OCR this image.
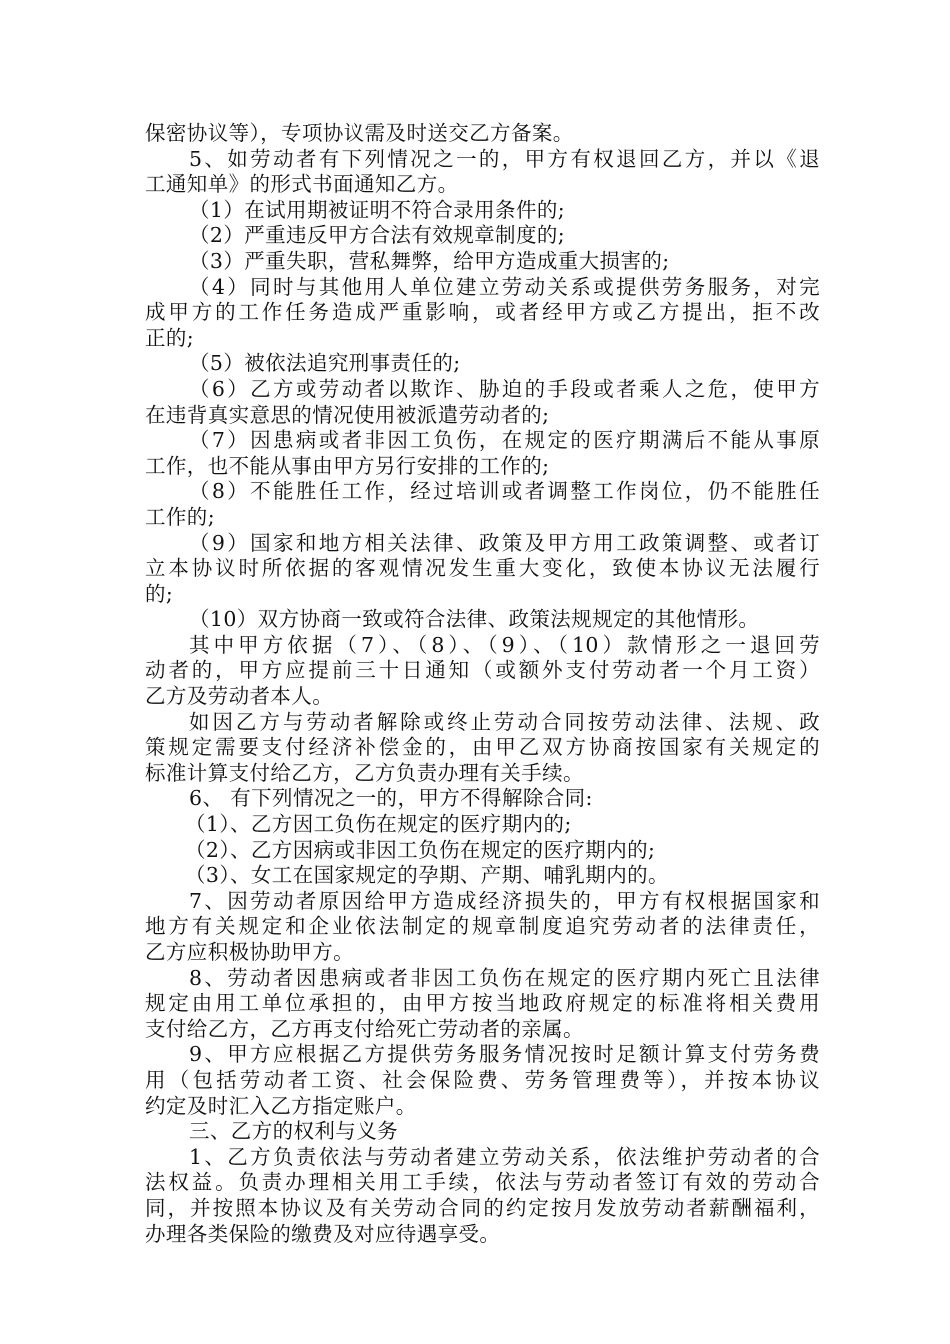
保密协议等），专项协议需及时送交乙方备案。
5、如劳动者有下列情况之一的，甲方有权退回乙方，并以《退
工通知单》的形式书面通知乙方。
（1）在试用期被证明不符合录用条件的;
（2）严重违反甲方合法有效规章制度的;
（3）严重失职，营私舞弊，给甲方造成重大损害的;
（4）同时与其他用人单位建立劳动关系或提供劳务服务，对完
成甲方的工作任务造成严重影响，或者经甲方或乙方提出，拒不改
正的;
（5）被依法追究刑事责任的;
（6）乙方或劳动者以欺诈、胁迫的手段或者乘人之危，使甲方
在违背真实意思的情况使用被派遣劳动者的;
（7）因患病或者非因工负伤，在规定的医疗期满后不能从事原
工作，也不能从事由甲方另行安排的工作的;
（8）不能胜任工作，经过培训或者调整工作岗位，仍不能胜任
工作的;
（9）国家和地方相关法律、政策及甲方用工政策调整、或者订
立本协议时所依据的客观情况发生重大变化，致使本协议无法履行
的;
（10）双方协商一致或符合法律、政策法规规定的其他情形。
其中甲方依据（7）、（8）、（9）、（10）款情形之一退回劳
动者的，甲方应提前三十日通知（或额外支付劳动者一个月工资）
乙方及劳动者本人。
如因乙方与劳动者解除或终止劳动合同按劳动法律、法规、政
策规定需要支付经济补偿金的，由甲乙双方协商按国家有关规定的
标准计算支付给乙方，乙方负责办理有关手续。
6、 有下列情况之一的，甲方不得解除合同:
（1）、乙方因工负伤在规定的医疗期内的;
（2）、乙方因病或非因工负伤在规定的医疗期内的;
（3）、女工在国家规定的孕期、产期、哺乳期内的。
7、因劳动者原因给甲方造成经济损失的，甲方有权根据国家和
地方有关规定和企业依法制定的规章制度追究劳动者的法律责任，
乙方应积极协助甲方。
8、劳动者因患病或者非因工负伤在规定的医疗期内死亡且法律
规定由用工单位承担的，由甲方按当地政府规定的标准将相关费用
支付给乙方，乙方再支付给死亡劳动者的亲属。
9、甲方应根据乙方提供劳务服务情况按时足额计算支付劳务费
用（包括劳动者工资、社会保险费、劳务管理费等），并按本协议
约定及时汇入乙方指定账户。
三、乙方的权利与义务
1、乙方负责依法与劳动者建立劳动关系，依法维护劳动者的合
法权益。负责办理相关用工手续，依法与劳动者签订有效的劳动合
同，并按照本协议及有关劳动合同的约定按月发放劳动者薪酬福利，
办理各类保险的缴费及对应待遇享受。
